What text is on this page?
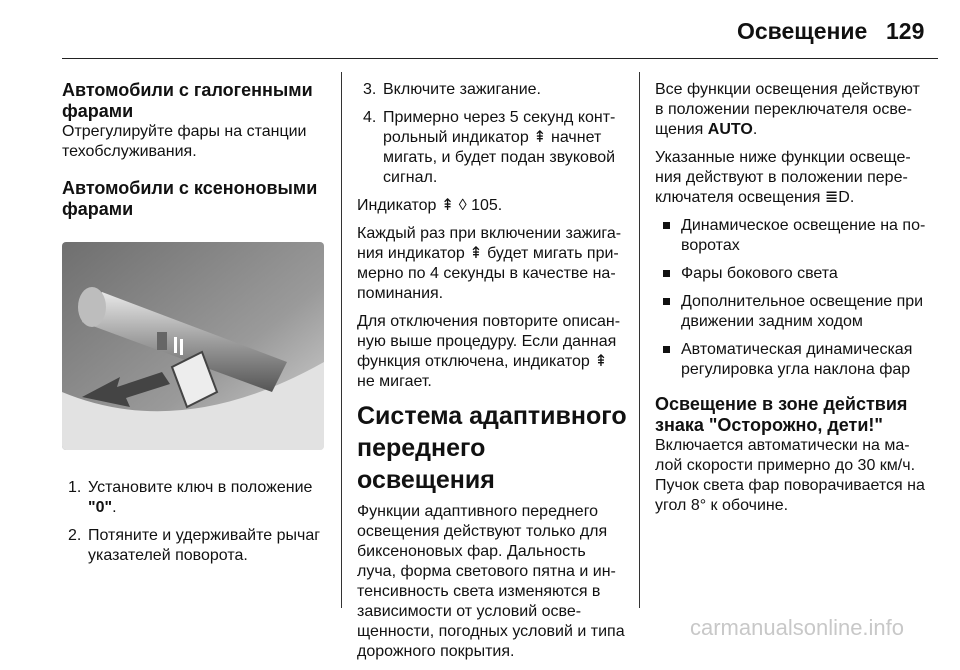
Освещение 129
Автомобили с галогенными фарами

Отрегулируйте фары на станции техобслуживания.

Автомобили с ксеноновыми фарами
1. Установите ключ в положение "0".
2. Потяните и удерживайте рычаг указателей поворота.
3. Включите зажигание.
4. Примерно через 5 секунд конт-рольный индикатор ⇞ начнет мигать, и будет подан звуковой сигнал.

Индикатор ⇞ ◊ 105.

Каждый раз при включении зажига-ния индикатор ⇞ будет мигать при-мерно по 4 секунды в качестве на-поминания.

Для отключения повторите описан-ную выше процедуру. Если данная функция отключена, индикатор ⇞ не мигает.

Система адаптивного переднего освещения

Функции адаптивного переднего освещения действуют только для биксеноновых фар. Дальность луча, форма светового пятна и ин-тенсивность света изменяются в зависимости от условий осве-щенности, погодных условий и типа дорожного покрытия.

Все функции освещения действуют в положении переключателя осве-щения AUTO.

Указанные ниже функции освеще-ния действуют в положении пере-ключателя освещения ≣D.

Динамическое освещение на по-воротах
Фары бокового света
Дополнительное освещение при движении задним ходом
Автоматическая динамическая регулировка угла наклона фар
Освещение в зоне действия знака "Осторожно, дети!"

Включается автоматически на ма-лой скорости примерно до 30 км/ч. Пучок света фар поворачивается на угол 8° к обочине.

carmanualsonline.info
